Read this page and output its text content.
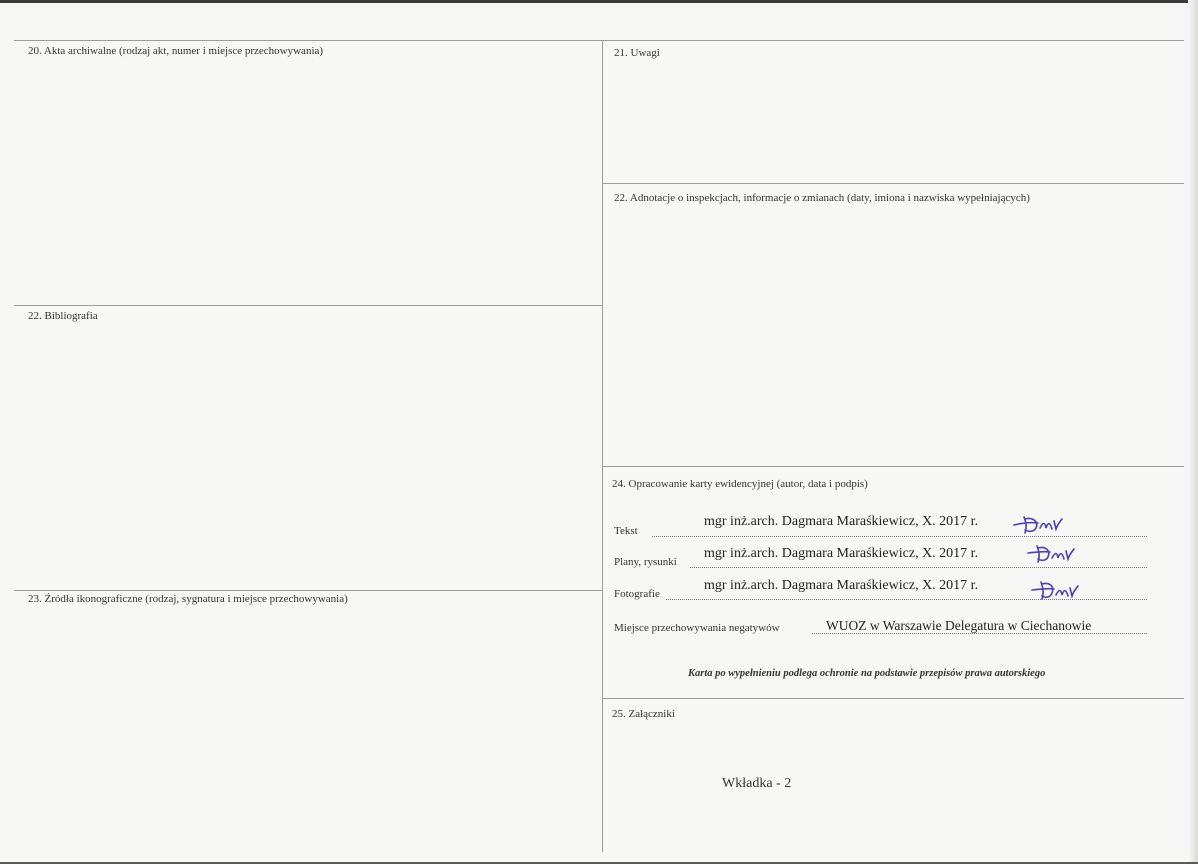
20. Akta archiwalne (rodzaj akt, numer i miejsce przechowywania)	21. Uwagi
22. Adnotacje o inspekcjach, informacje o zmianach (daty, imiona i nazwiska wypełniających)
22. Bibliografia
24. Opracowanie karty ewidencyjnej (autor, data i podpis)
23. Źródła ikonograficzne (rodzaj, sygnatura i miejsce przechowywania)
25. Załączniki
Tekst
mgr inż.arch. Dagmara Maraśkiewicz, X. 2017 r.
Plany, rysunki
mgr inż.arch. Dagmara Maraśkiewicz, X. 2017 r.
Fotografie
mgr inż.arch. Dagmara Maraśkiewicz, X. 2017 r.
Miejsce przechowywania negatywów	WUOZ w Warszawie Delegatura w Ciechanowie
Karta po wypełnieniu podlega ochronie na podstawie przepisów prawa autorskiego
Wkładka - 2
